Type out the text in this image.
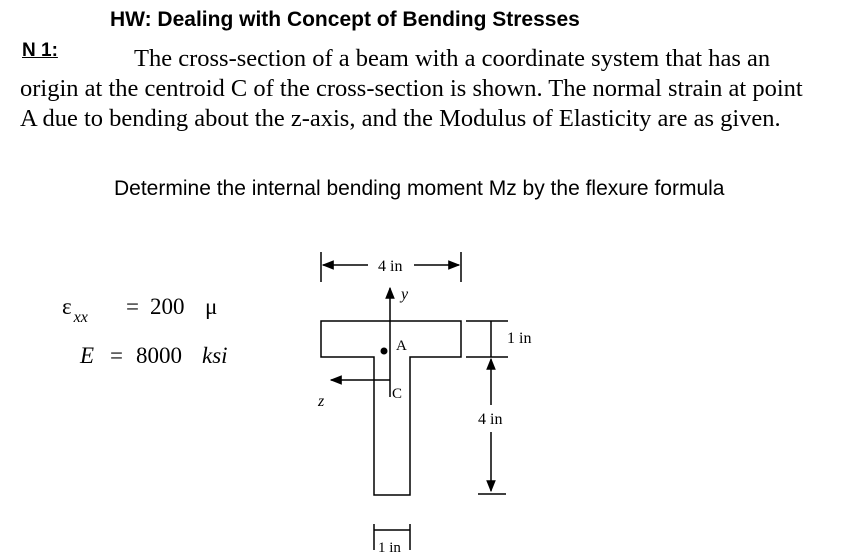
HW: Dealing with Concept of Bending Stresses
N 1:	The cross-section of a beam with a coordinate system that has an origin at the centroid C of the cross-section is shown. The normal strain at point A due to bending about the z-axis, and the Modulus of Elasticity are as given.
Determine the internal bending moment Mz by the flexure formula
ε $_{xx}$ = 200 μ
E = 8000 ksi
4 in
y
z
A
C
1 in
4 in
1 in
